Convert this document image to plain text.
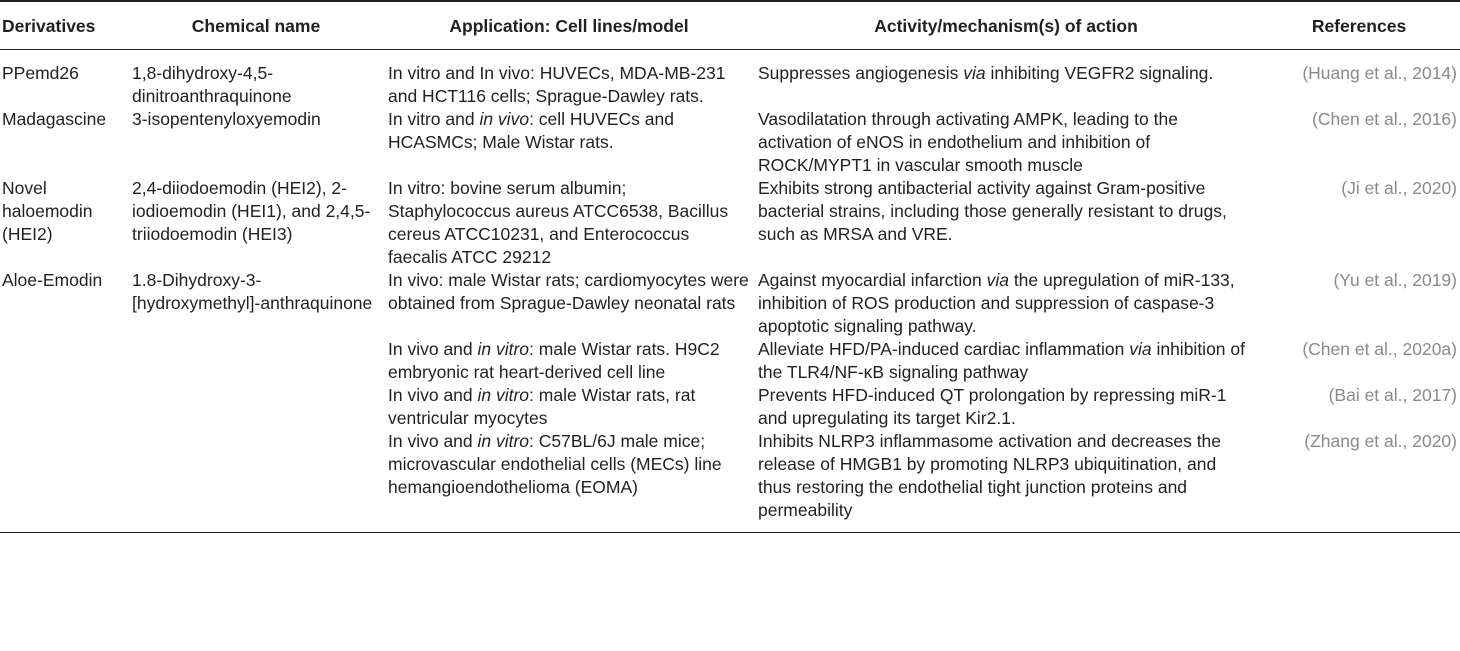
Derivatives	Chemical name	Application: Cell lines/model	Activity/mechanism(s) of action	References
PPemd26	1,8-dihydroxy-4,5-dinitroanthraquinone	In vitro and In vivo: HUVECs, MDA-MB-231 and HCT116 cells; Sprague-Dawley rats.	Suppresses angiogenesis via inhibiting VEGFR2 signaling.	(Huang et al., 2014)
Madagascine	3-isopentenyloxyemodin	In vitro and in vivo: cell HUVECs and HCASMCs; Male Wistar rats.	Vasodilatation through activating AMPK, leading to the activation of eNOS in endothelium and inhibition of ROCK/MYPT1 in vascular smooth muscle	(Chen et al., 2016)
Novel haloemodin (HEI2)	2,4-diiodoemodin (HEI2), 2-iodioemodin (HEI1), and 2,4,5-triiodoemodin (HEI3)	In vitro: bovine serum albumin; Staphylococcus aureus ATCC6538, Bacillus cereus ATCC10231, and Enterococcus faecalis ATCC 29212	Exhibits strong antibacterial activity against Gram-positive bacterial strains, including those generally resistant to drugs, such as MRSA and VRE.	(Ji et al., 2020)
Aloe-Emodin	1.8-Dihydroxy-3-[hydroxymethyl]-anthraquinone	In vivo: male Wistar rats; cardiomyocytes were obtained from Sprague-Dawley neonatal rats	Against myocardial infarction via the upregulation of miR-133, inhibition of ROS production and suppression of caspase-3 apoptotic signaling pathway.	(Yu et al., 2019)
		In vivo and in vitro: male Wistar rats. H9C2 embryonic rat heart-derived cell line	Alleviate HFD/PA-induced cardiac inflammation via inhibition of the TLR4/NF-κB signaling pathway	(Chen et al., 2020a)
		In vivo and in vitro: male Wistar rats, rat ventricular myocytes	Prevents HFD-induced QT prolongation by repressing miR-1 and upregulating its target Kir2.1.	(Bai et al., 2017)
		In vivo and in vitro: C57BL/6J male mice; microvascular endothelial cells (MECs) line hemangioendothelioma (EOMA)	Inhibits NLRP3 inflammasome activation and decreases the release of HMGB1 by promoting NLRP3 ubiquitination, and thus restoring the endothelial tight junction proteins and permeability	(Zhang et al., 2020)
